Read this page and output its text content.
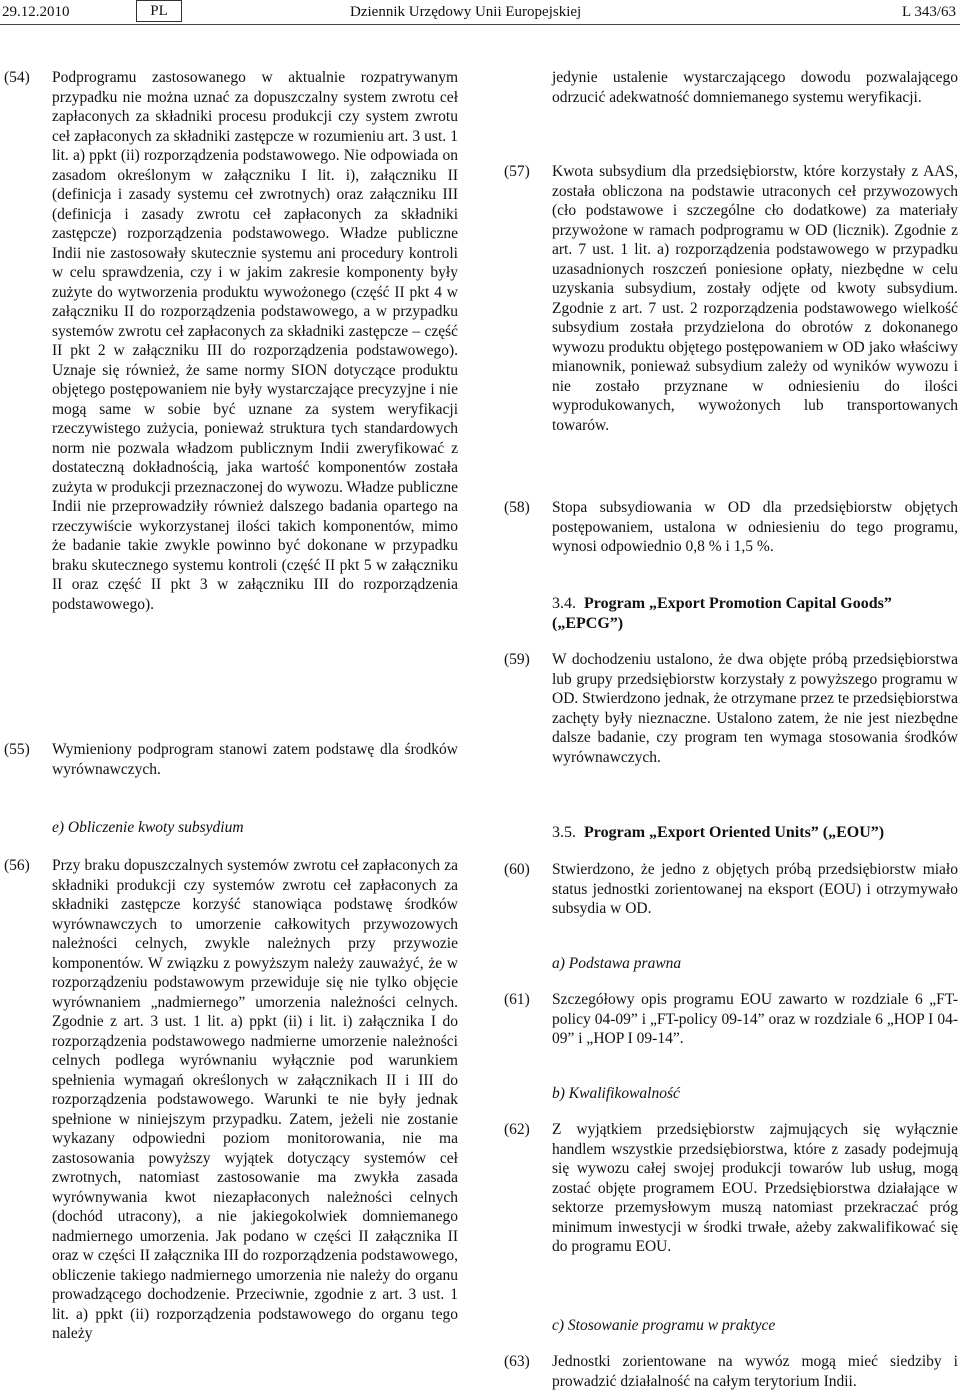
29.12.2010	PL	Dziennik Urzędowy Unii Europejskiej	L 343/63
(54) Podprogramu zastosowanego w aktualnie rozpatrywanym przypadku nie można uznać za dopuszczalny system zwrotu ceł zapłaconych za składniki procesu produkcji czy system zwrotu ceł zapłaconych za składniki zastępcze w rozumieniu art. 3 ust. 1 lit. a) ppkt (ii) rozporządzenia podstawowego. Nie odpowiada on zasadom określonym w załączniku I lit. i), załączniku II (definicja i zasady systemu ceł zwrotnych) oraz załączniku III (definicja i zasady zwrotu ceł zapłaconych za składniki zastępcze) rozporządzenia podstawowego. Władze publiczne Indii nie zastosowały skutecznie systemu ani procedury kontroli w celu sprawdzenia, czy i w jakim zakresie komponenty były zużyte do wytworzenia produktu wywożonego (część II pkt 4 w załączniku II do rozporządzenia podstawowego, a w przypadku systemów zwrotu ceł zapłaconych za składniki zastępcze – część II pkt 2 w załączniku III do rozporządzenia podstawowego). Uznaje się również, że same normy SION dotyczące produktu objętego postępowaniem nie były wystarczające precyzyjne i nie mogą same w sobie być uznane za system weryfikacji rzeczywistego zużycia, ponieważ struktura tych standardowych norm nie pozwala władzom publicznym Indii zweryfikować z dostateczną dokładnością, jaka wartość komponentów została zużyta w produkcji przeznaczonej do wywozu. Władze publiczne Indii nie przeprowadziły również dalszego badania opartego na rzeczywiście wykorzystanej ilości takich komponentów, mimo że badanie takie zwykle powinno być dokonane w przypadku braku skutecznego systemu kontroli (część II pkt 5 w załączniku II oraz część II pkt 3 w załączniku III do rozporządzenia podstawowego).

(55) Wymieniony podprogram stanowi zatem podstawę dla środków wyrównawczych.

e) Obliczenie kwoty subsydium
(56) Przy braku dopuszczalnych systemów zwrotu ceł zapłaconych za składniki produkcji czy systemów zwrotu ceł zapłaconych za składniki zastępcze korzyść stanowiąca podstawę środków wyrównawczych to umorzenie całkowitych przywozowych należności celnych, zwykle należnych przy przywozie komponentów. W związku z powyższym należy zauważyć, że w rozporządzeniu podstawowym przewiduje się nie tylko objęcie wyrównaniem „nadmiernego” umorzenia należności celnych. Zgodnie z art. 3 ust. 1 lit. a) ppkt (ii) i lit. i) załącznika I do rozporządzenia podstawowego nadmierne umorzenie należności celnych podlega wyrównaniu wyłącznie pod warunkiem spełnienia wymagań określonych w załącznikach II i III do rozporządzenia podstawowego. Warunki te nie były jednak spełnione w niniejszym przypadku. Zatem, jeżeli nie zostanie wykazany odpowiedni poziom monitorowania, nie ma zastosowania powyższy wyjątek dotyczący systemów ceł zwrotnych, natomiast zastosowanie ma zwykła zasada wyrównywania kwot niezapłaconych należności celnych (dochód utracony), a nie jakiegokolwiek domniemanego nadmiernego umorzenia. Jak podano w części II załącznika II oraz w części II załącznika III do rozporządzenia podstawowego, obliczenie takiego nadmiernego umorzenia nie należy do organu prowadzącego dochodzenie. Przeciwnie, zgodnie z art. 3 ust. 1 lit. a) ppkt (ii) rozporządzenia podstawowego do organu tego należy

jedynie ustalenie wystarczającego dowodu pozwalającego odrzucić adekwatność domniemanego systemu weryfikacji.

(57) Kwota subsydium dla przedsiębiorstw, które korzystały z AAS, została obliczona na podstawie utraconych ceł przywozowych (cło podstawowe i szczególne cło dodatkowe) za materiały przywożone w ramach podprogramu w OD (licznik). Zgodnie z art. 7 ust. 1 lit. a) rozporządzenia podstawowego w przypadku uzasadnionych roszczeń poniesione opłaty, niezbędne w celu uzyskania subsydium, zostały odjęte od kwoty subsydium. Zgodnie z art. 7 ust. 2 rozporządzenia podstawowego wielkość subsydium została przydzielona do obrotów z dokonanego wywozu produktu objętego postępowaniem w OD jako właściwy mianownik, ponieważ subsydium zależy od wyników wywozu i nie zostało przyznane w odniesieniu do ilości wyprodukowanych, wywożonych lub transportowanych towarów.

(58) Stopa subsydiowania w OD dla przedsiębiorstw objętych postępowaniem, ustalona w odniesieniu do tego programu, wynosi odpowiednio 0,8 % i 1,5 %.

3.4. Program „Export Promotion Capital Goods” („EPCG”)
(59) W dochodzeniu ustalono, że dwa objęte próbą przedsiębiorstwa lub grupy przedsiębiorstw korzystały z powyższego programu w OD. Stwierdzono jednak, że otrzymane przez te przedsiębiorstwa zachęty były nieznaczne. Ustalono zatem, że nie jest niezbędne dalsze badanie, czy program ten wymaga stosowania środków wyrównawczych.

3.5. Program „Export Oriented Units” („EOU”)
(60) Stwierdzono, że jedno z objętych próbą przedsiębiorstw miało status jednostki zorientowanej na eksport (EOU) i otrzymywało subsydia w OD.

a) Podstawa prawna
(61) Szczegółowy opis programu EOU zawarto w rozdziale 6 „FT-policy 04-09” i „FT-policy 09-14” oraz w rozdziale 6 „HOP I 04-09” i „HOP I 09-14”.

b) Kwalifikowalność
(62) Z wyjątkiem przedsiębiorstw zajmujących się wyłącznie handlem wszystkie przedsiębiorstwa, które z zasady podejmują się wywozu całej swojej produkcji towarów lub usług, mogą zostać objęte programem EOU. Przedsiębiorstwa działające w sektorze przemysłowym muszą natomiast przekraczać próg minimum inwestycji w środki trwałe, ażeby zakwalifikować się do programu EOU.

c) Stosowanie programu w praktyce
(63) Jednostki zorientowane na wywóz mogą mieć siedziby i prowadzić działalność na całym terytorium Indii.
